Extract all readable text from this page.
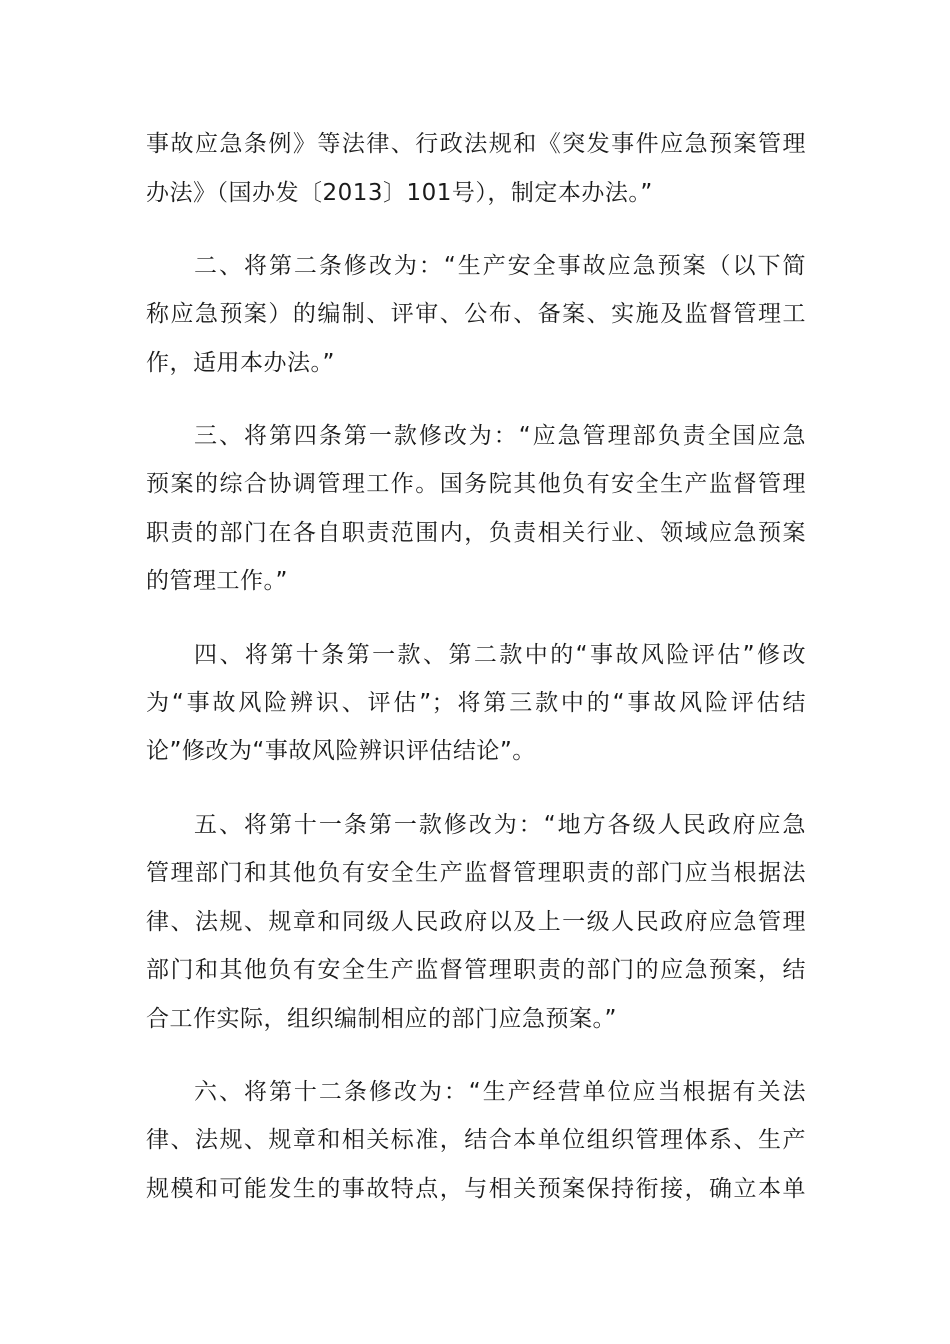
事故应急条例》等法律、行政法规和《突发事件应急预案管理
办法》（国办发〔2013〕101号），制定本办法。”
二、将第二条修改为：“生产安全事故应急预案（以下简
称应急预案）的编制、评审、公布、备案、实施及监督管理工
作，适用本办法。”
三、将第四条第一款修改为：“应急管理部负责全国应急
预案的综合协调管理工作。国务院其他负有安全生产监督管理
职责的部门在各自职责范围内，负责相关行业、领域应急预案
的管理工作。”
四、将第十条第一款、第二款中的“事故风险评估”修改
为“事故风险辨识、评估”；将第三款中的“事故风险评估结
论”修改为“事故风险辨识评估结论”。
五、将第十一条第一款修改为：“地方各级人民政府应急
管理部门和其他负有安全生产监督管理职责的部门应当根据法
律、法规、规章和同级人民政府以及上一级人民政府应急管理
部门和其他负有安全生产监督管理职责的部门的应急预案，结
合工作实际，组织编制相应的部门应急预案。”
六、将第十二条修改为：“生产经营单位应当根据有关法
律、法规、规章和相关标准，结合本单位组织管理体系、生产
规模和可能发生的事故特点，与相关预案保持衔接，确立本单
